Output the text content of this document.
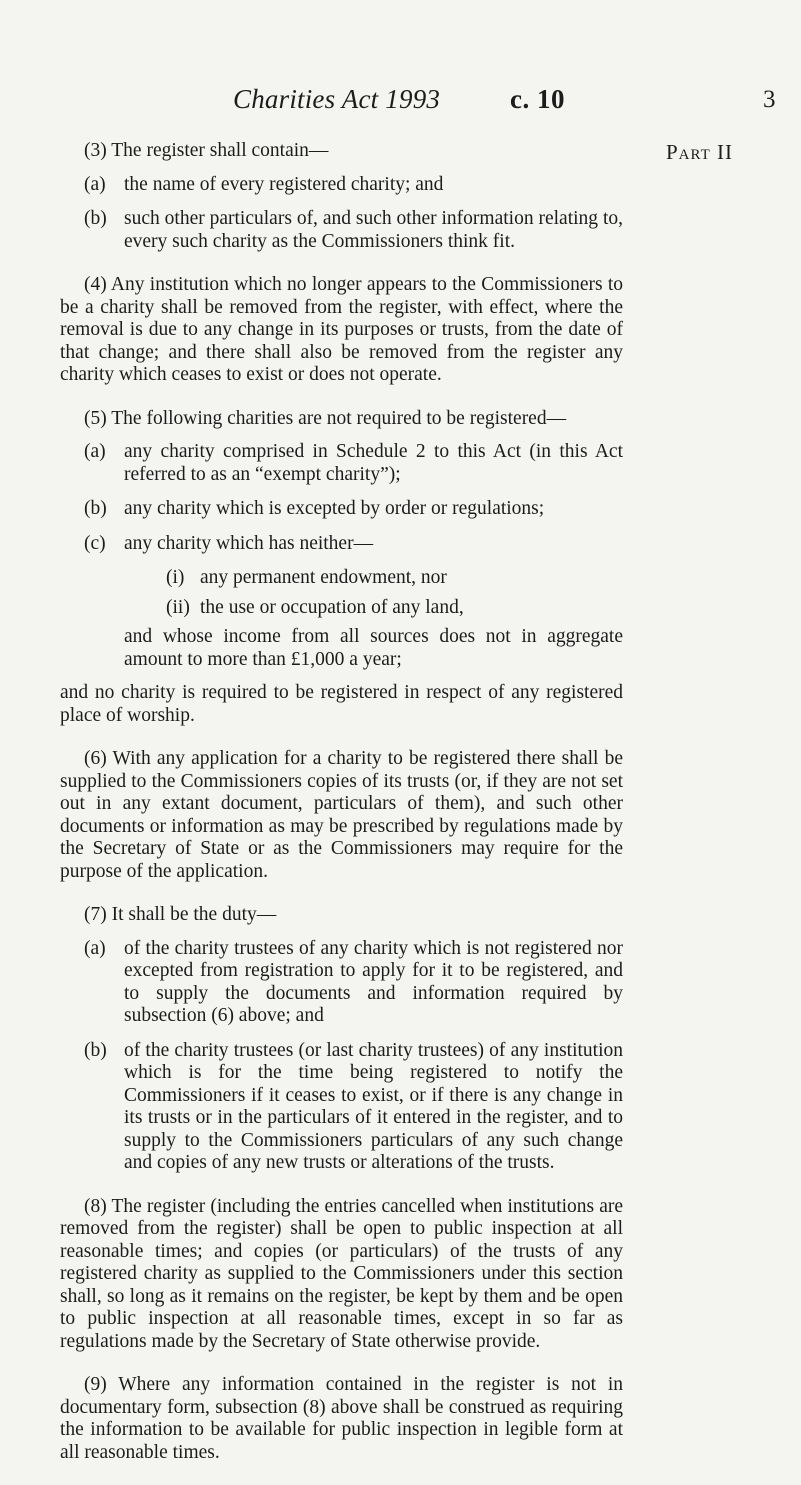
Charities Act 1993	c. 10	3
Part II

(3) The register shall contain—

(a) the name of every registered charity; and

(b) such other particulars of, and such other information relating to, every such charity as the Commissioners think fit.

(4) Any institution which no longer appears to the Commissioners to be a charity shall be removed from the register, with effect, where the removal is due to any change in its purposes or trusts, from the date of that change; and there shall also be removed from the register any charity which ceases to exist or does not operate.

(5) The following charities are not required to be registered—

(a) any charity comprised in Schedule 2 to this Act (in this Act referred to as an “exempt charity”);

(b) any charity which is excepted by order or regulations;

(c) any charity which has neither—

(i) any permanent endowment, nor

(ii) the use or occupation of any land,

and whose income from all sources does not in aggregate amount to more than £1,000 a year;

and no charity is required to be registered in respect of any registered place of worship.

(6) With any application for a charity to be registered there shall be supplied to the Commissioners copies of its trusts (or, if they are not set out in any extant document, particulars of them), and such other documents or information as may be prescribed by regulations made by the Secretary of State or as the Commissioners may require for the purpose of the application.

(7) It shall be the duty—

(a) of the charity trustees of any charity which is not registered nor excepted from registration to apply for it to be registered, and to supply the documents and information required by subsection (6) above; and

(b) of the charity trustees (or last charity trustees) of any institution which is for the time being registered to notify the Commissioners if it ceases to exist, or if there is any change in its trusts or in the particulars of it entered in the register, and to supply to the Commissioners particulars of any such change and copies of any new trusts or alterations of the trusts.

(8) The register (including the entries cancelled when institutions are removed from the register) shall be open to public inspection at all reasonable times; and copies (or particulars) of the trusts of any registered charity as supplied to the Commissioners under this section shall, so long as it remains on the register, be kept by them and be open to public inspection at all reasonable times, except in so far as regulations made by the Secretary of State otherwise provide.

(9) Where any information contained in the register is not in documentary form, subsection (8) above shall be construed as requiring the information to be available for public inspection in legible form at all reasonable times.
